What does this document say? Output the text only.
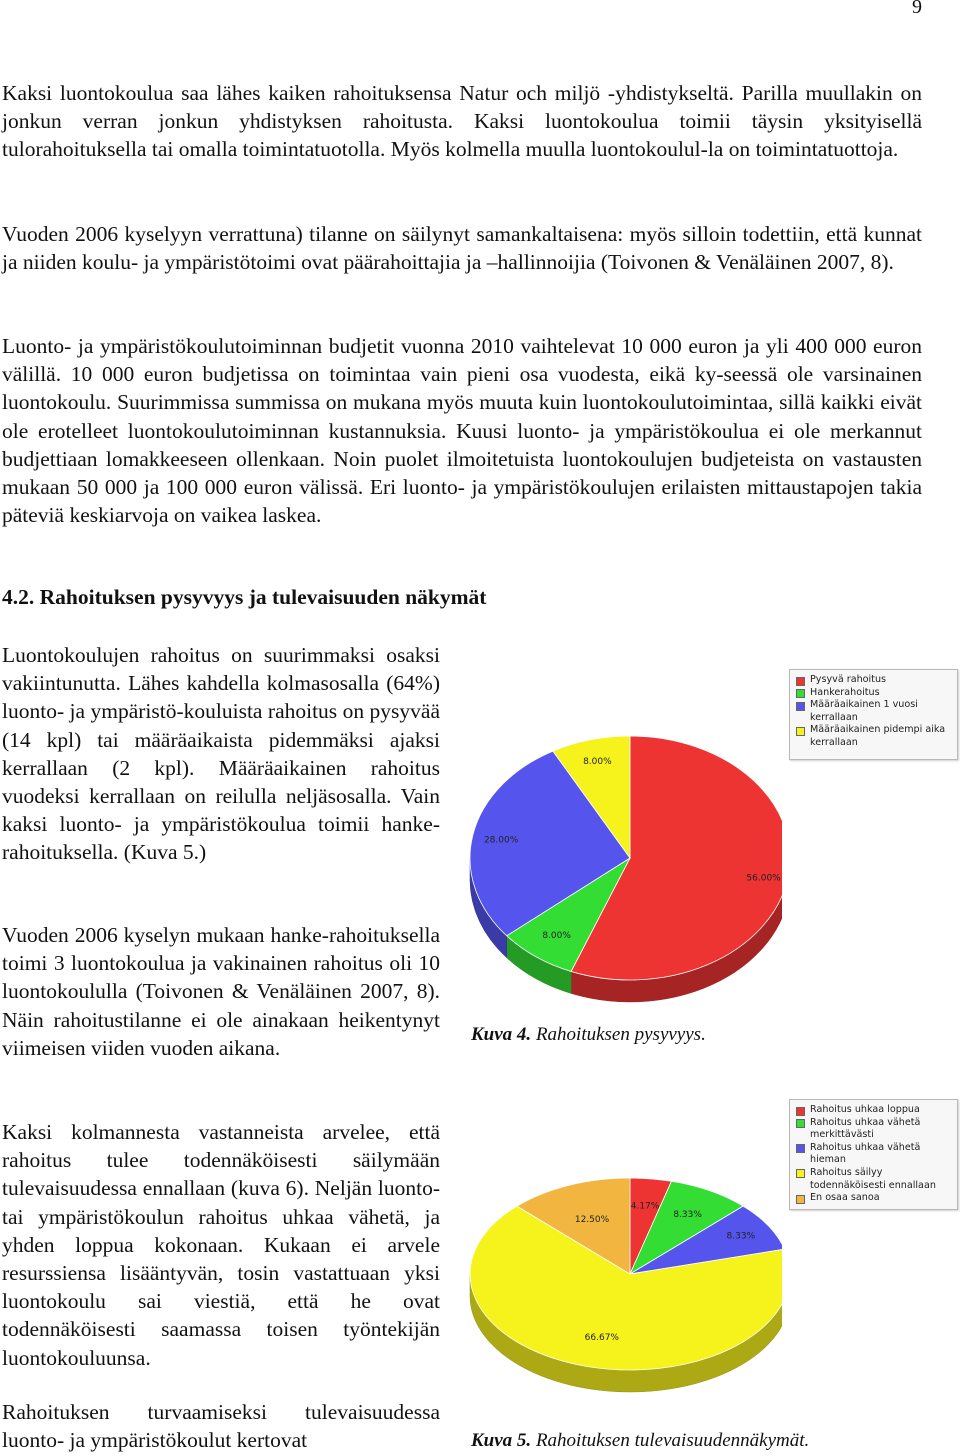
9

Kaksi luontokoulua saa lähes kaiken rahoituksensa Natur och miljö -yhdistykseltä. Parilla muullakin on jonkun verran jonkun yhdistyksen rahoitusta. Kaksi luontokoulua toimii täysin yksityisellä tulorahoituksella tai omalla toimintatuotolla. Myös kolmella muulla luontokoulul-la on toimintatuottoja.

Vuoden 2006 kyselyyn verrattuna) tilanne on säilynyt samankaltaisena: myös silloin todettiin, että kunnat ja niiden koulu- ja ympäristötoimi ovat päärahoittajia ja –hallinnoijia (Toivonen & Venäläinen 2007, 8).

Luonto- ja ympäristökoulutoiminnan budjetit vuonna 2010 vaihtelevat 10 000 euron ja yli 400 000 euron välillä. 10 000 euron budjetissa on toimintaa vain pieni osa vuodesta, eikä ky-seessä ole varsinainen luontokoulu. Suurimmissa summissa on mukana myös muuta kuin luontokoulutoimintaa, sillä kaikki eivät ole erotelleet luontokoulutoiminnan kustannuksia. Kuusi luonto- ja ympäristökoulua ei ole merkannut budjettiaan lomakkeeseen ollenkaan. Noin puolet ilmoitetuista luontokoulujen budjeteista on vastausten mukaan 50 000 ja 100 000 euron välissä. Eri luonto- ja ympäristökoulujen erilaisten mittaustapojen takia päteviä keskiarvoja on vaikea laskea.

4.2. Rahoituksen pysyvyys ja tulevaisuuden näkymät

Luontokoulujen rahoitus on suurimmaksi osaksi vakiintunutta. Lähes kahdella kolmasosalla (64%) luonto- ja ympäristö-kouluista rahoitus on pysyvää (14 kpl) tai määräaikaista pidemmäksi ajaksi kerrallaan (2 kpl). Määräaikainen rahoitus vuodeksi kerrallaan on reilulla neljäsosalla. Vain kaksi luonto- ja ympäristökoulua toimii hanke-rahoituksella. (Kuva 5.)

Vuoden 2006 kyselyn mukaan hanke-rahoituksella toimi 3 luontokoulua ja vakinainen rahoitus oli 10 luontokoululla (Toivonen & Venäläinen 2007, 8). Näin rahoitustilanne ei ole ainakaan heikentynyt viimeisen viiden vuoden aikana.

Kaksi kolmannesta vastanneista arvelee, että rahoitus tulee todennäköisesti säilymään tulevaisuudessa ennallaan (kuva 6). Neljän luonto- tai ympäristökoulun rahoitus uhkaa vähetä, ja yhden loppua kokonaan. Kukaan ei arvele resurssiensa lisääntyvän, tosin vastattuaan yksi luontokoulu sai viestiä, että he ovat todennäköisesti saamassa toisen työntekijän luontokouluunsa.

Rahoituksen turvaamiseksi tulevaisuudessa luonto- ja ympäristökoulut kertovat

56.00%
8.00%
28.00%
8.00%
Pysyvä rahoitus
Hankerahoitus
Määräaikainen 1 vuosi kerrallaan
Määräaikainen pidempi aika kerrallaan
Kuva 4. Rahoituksen pysyvyys.
4.17%
8.33%
8.33%
66.67%
12.50%
Rahoitus uhkaa loppua
Rahoitus uhkaa vähetä merkittävästi
Rahoitus uhkaa vähetä hieman
Rahoitus säilyy todennäköisesti ennallaan
En osaa sanoa
Kuva 5. Rahoituksen tulevaisuudennäkymät.
